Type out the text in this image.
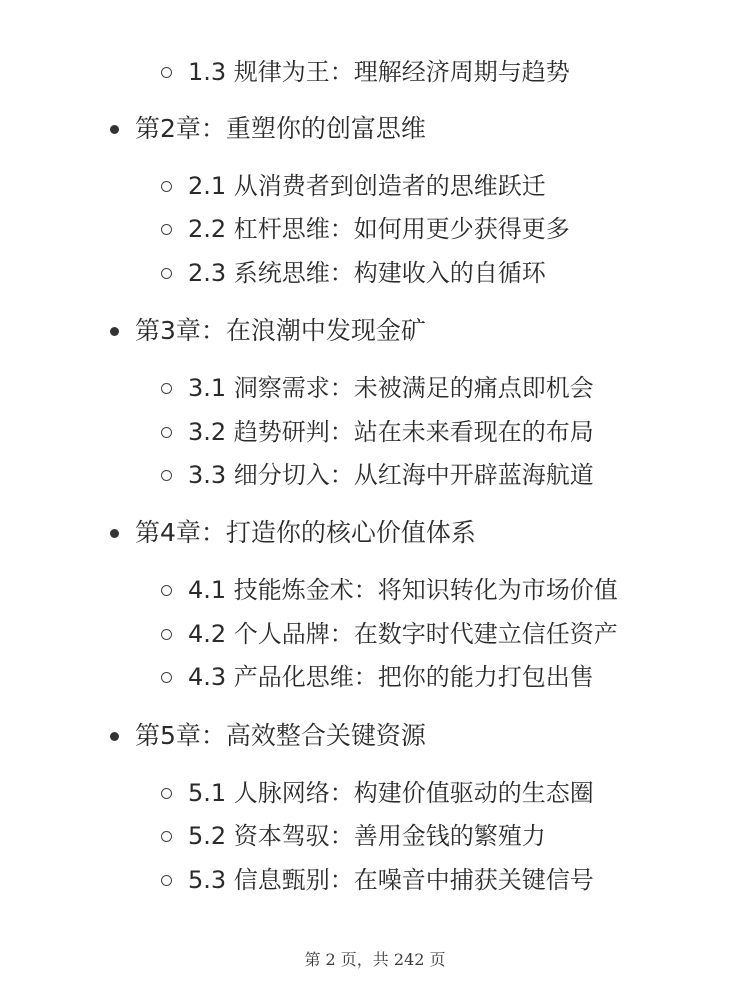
1.3 规律为王：理解经济周期与趋势
第2章：重塑你的创富思维
2.1 从消费者到创造者的思维跃迁
2.2 杠杆思维：如何用更少获得更多
2.3 系统思维：构建收入的自循环
第3章：在浪潮中发现金矿
3.1 洞察需求：未被满足的痛点即机会
3.2 趋势研判：站在未来看现在的布局
3.3 细分切入：从红海中开辟蓝海航道
第4章：打造你的核心价值体系
4.1 技能炼金术：将知识转化为市场价值
4.2 个人品牌：在数字时代建立信任资产
4.3 产品化思维：把你的能力打包出售
第5章：高效整合关键资源
5.1 人脉网络：构建价值驱动的生态圈
5.2 资本驾驭：善用金钱的繁殖力
5.3 信息甄别：在噪音中捕获关键信号
第 2 页，共 242 页
